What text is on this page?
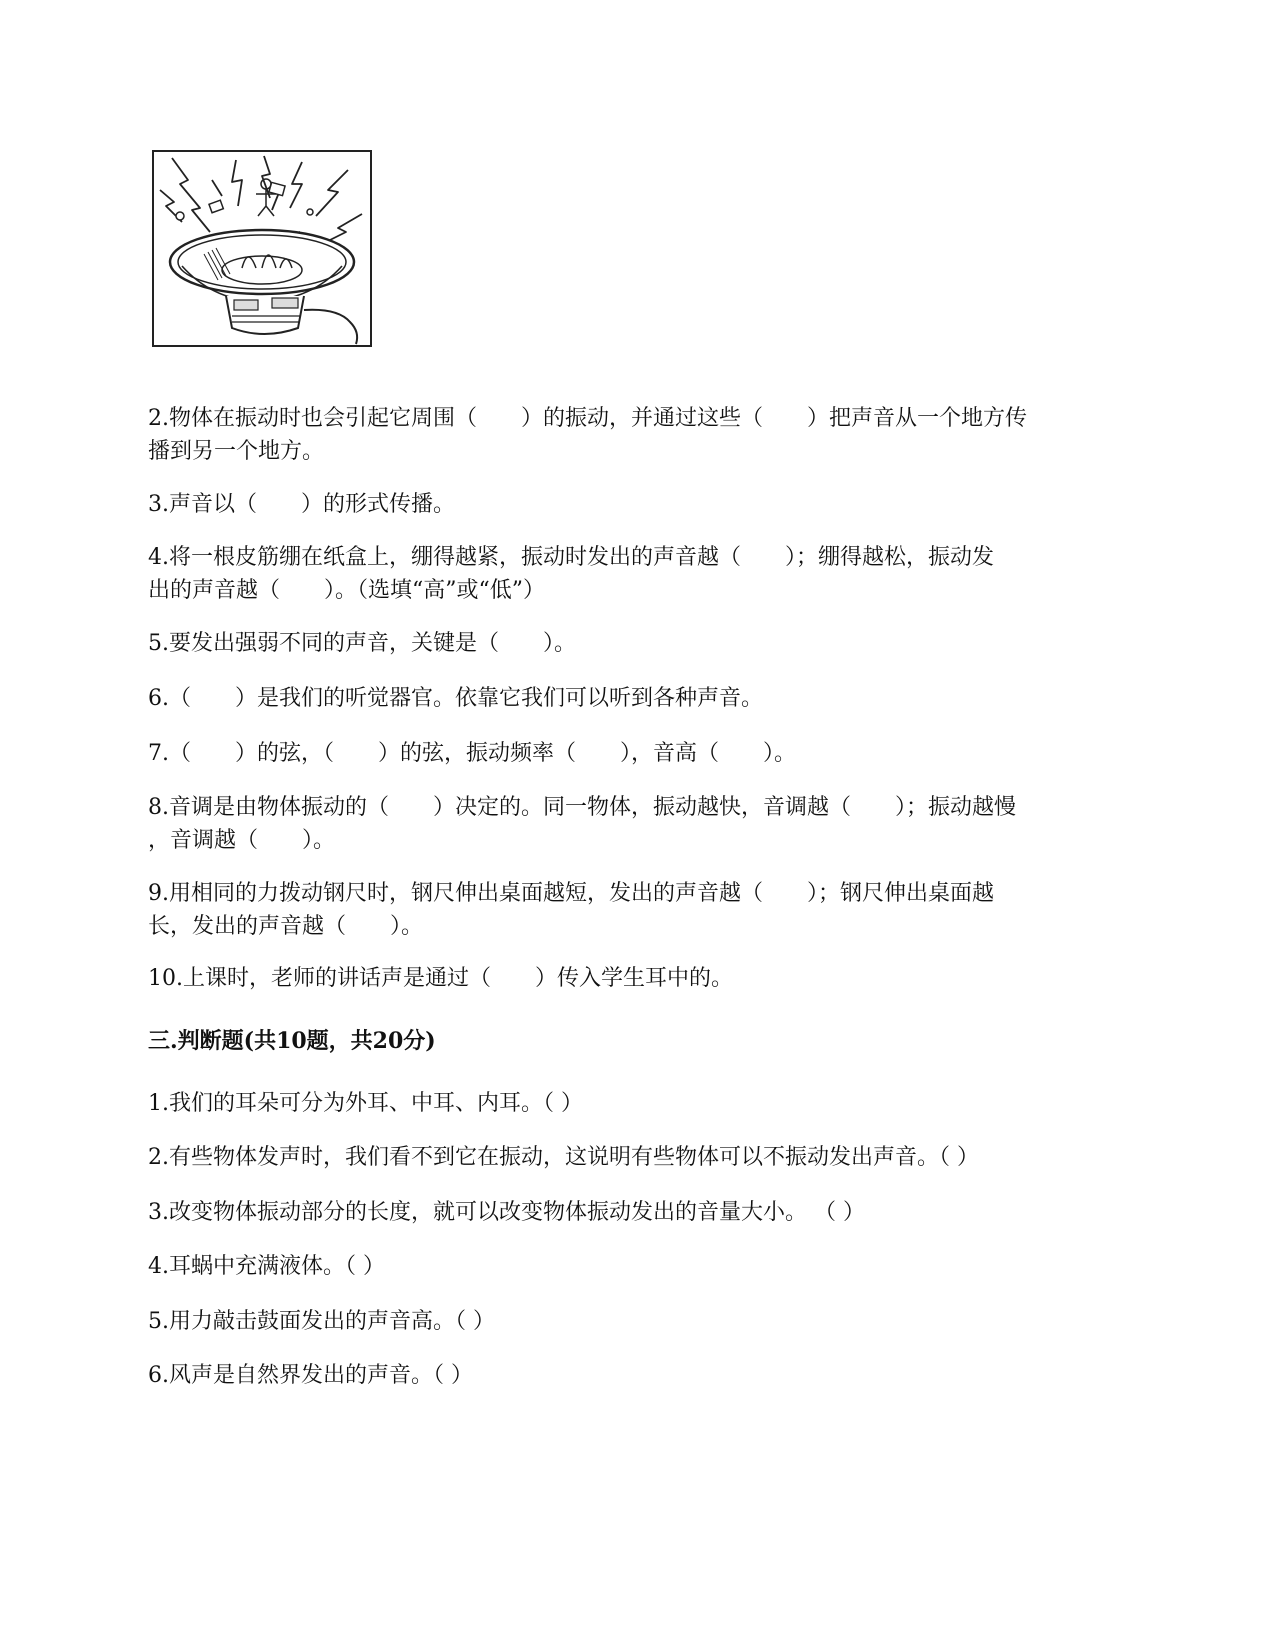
2.物体在振动时也会引起它周围（　　）的振动，并通过这些（　　）把声音从一个地方传
播到另一个地方。
3.声音以（　　）的形式传播。
4.将一根皮筋绷在纸盒上，绷得越紧，振动时发出的声音越（　　）；绷得越松，振动发
出的声音越（　　）。（选填“高”或“低”）
5.要发出强弱不同的声音，关键是（　　）。
6.（　　）是我们的听觉器官。依靠它我们可以听到各种声音。
7.（　　）的弦，（　　）的弦，振动频率（　　），音高（　　）。
8.音调是由物体振动的（　　）决定的。同一物体，振动越快，音调越（　　）；振动越慢
，音调越（　　）。
9.用相同的力拨动钢尺时，钢尺伸出桌面越短，发出的声音越（　　）；钢尺伸出桌面越
长，发出的声音越（　　）。
10.上课时，老师的讲话声是通过（　　）传入学生耳中的。
三.判断题(共10题，共20分)
1.我们的耳朵可分为外耳、中耳、内耳。（ ）
2.有些物体发声时，我们看不到它在振动，这说明有些物体可以不振动发出声音。（ ）
3.改变物体振动部分的长度，就可以改变物体振动发出的音量大小。 （ ）
4.耳蜗中充满液体。（ ）
5.用力敲击鼓面发出的声音高。（ ）
6.风声是自然界发出的声音。（ ）
